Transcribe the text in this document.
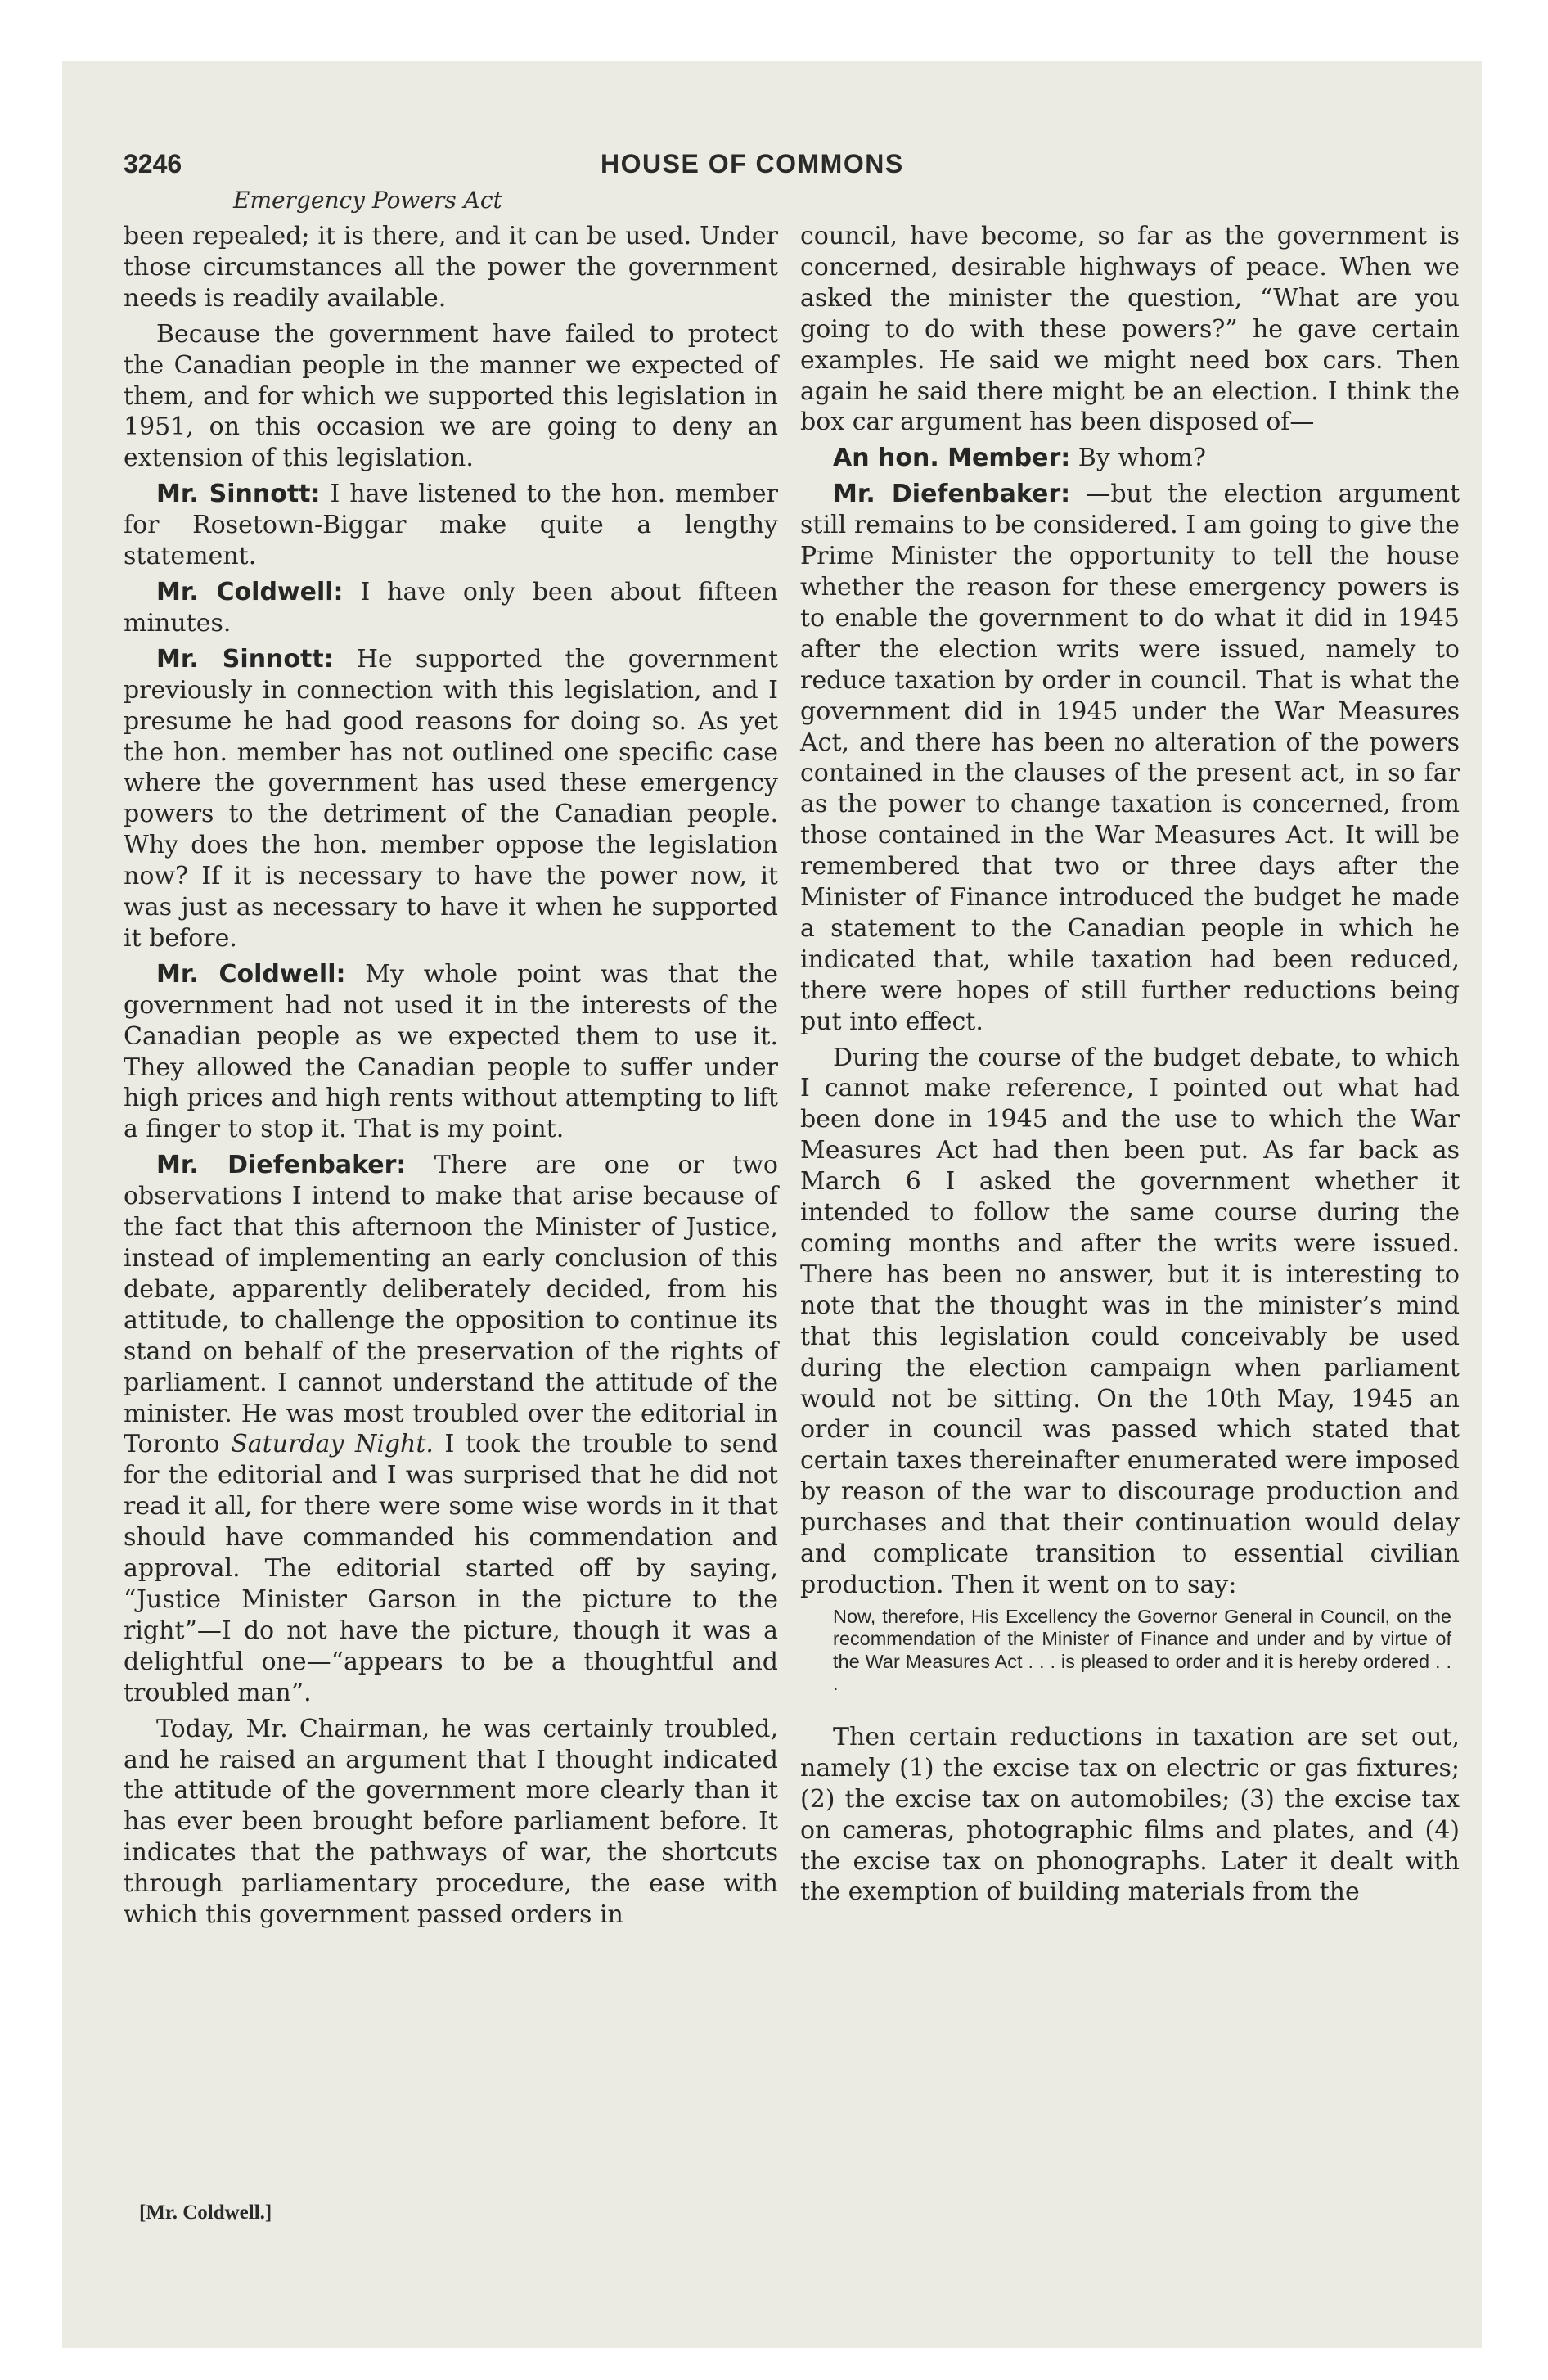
3246	HOUSE OF COMMONS
Emergency Powers Act

been repealed; it is there, and it can be used. Under those circumstances all the power the government needs is readily available.

Because the government have failed to protect the Canadian people in the manner we expected of them, and for which we supported this legislation in 1951, on this occasion we are going to deny an extension of this legislation.

Mr. Sinnott: I have listened to the hon. member for Rosetown-Biggar make quite a lengthy statement.

Mr. Coldwell: I have only been about fifteen minutes.

Mr. Sinnott: He supported the government previously in connection with this legislation, and I presume he had good reasons for doing so. As yet the hon. member has not outlined one specific case where the government has used these emergency powers to the detriment of the Canadian people. Why does the hon. member oppose the legislation now? If it is necessary to have the power now, it was just as necessary to have it when he supported it before.

Mr. Coldwell: My whole point was that the government had not used it in the interests of the Canadian people as we expected them to use it. They allowed the Canadian people to suffer under high prices and high rents without attempting to lift a finger to stop it. That is my point.

Mr. Diefenbaker: There are one or two observations I intend to make that arise because of the fact that this afternoon the Minister of Justice, instead of implementing an early conclusion of this debate, apparently deliberately decided, from his attitude, to challenge the opposition to continue its stand on behalf of the preservation of the rights of parliament. I cannot understand the attitude of the minister. He was most troubled over the editorial in Toronto Saturday Night. I took the trouble to send for the editorial and I was surprised that he did not read it all, for there were some wise words in it that should have commanded his commendation and approval. The editorial started off by saying, “Justice Minister Garson in the picture to the right”—I do not have the picture, though it was a delightful one—“appears to be a thoughtful and troubled man”.

Today, Mr. Chairman, he was certainly troubled, and he raised an argument that I thought indicated the attitude of the government more clearly than it has ever been brought before parliament before. It indicates that the pathways of war, the shortcuts through parliamentary procedure, the ease with which this government passed orders in

council, have become, so far as the government is concerned, desirable highways of peace. When we asked the minister the question, “What are you going to do with these powers?” he gave certain examples. He said we might need box cars. Then again he said there might be an election. I think the box car argument has been disposed of—

An hon. Member: By whom?

Mr. Diefenbaker: —but the election argument still remains to be considered. I am going to give the Prime Minister the opportunity to tell the house whether the reason for these emergency powers is to enable the government to do what it did in 1945 after the election writs were issued, namely to reduce taxation by order in council. That is what the government did in 1945 under the War Measures Act, and there has been no alteration of the powers contained in the clauses of the present act, in so far as the power to change taxation is concerned, from those contained in the War Measures Act. It will be remembered that two or three days after the Minister of Finance introduced the budget he made a statement to the Canadian people in which he indicated that, while taxation had been reduced, there were hopes of still further reductions being put into effect.

During the course of the budget debate, to which I cannot make reference, I pointed out what had been done in 1945 and the use to which the War Measures Act had then been put. As far back as March 6 I asked the government whether it intended to follow the same course during the coming months and after the writs were issued. There has been no answer, but it is interesting to note that the thought was in the minister’s mind that this legislation could conceivably be used during the election campaign when parliament would not be sitting. On the 10th May, 1945 an order in council was passed which stated that certain taxes thereinafter enumerated were imposed by reason of the war to discourage production and purchases and that their continuation would delay and complicate transition to essential civilian production. Then it went on to say:

Now, therefore, His Excellency the Governor General in Council, on the recommendation of the Minister of Finance and under and by virtue of the War Measures Act . . . is pleased to order and it is hereby ordered . . .

Then certain reductions in taxation are set out, namely (1) the excise tax on electric or gas fixtures; (2) the excise tax on automobiles; (3) the excise tax on cameras, photographic films and plates, and (4) the excise tax on phonographs. Later it dealt with the exemption of building materials from the

[Mr. Coldwell.]
